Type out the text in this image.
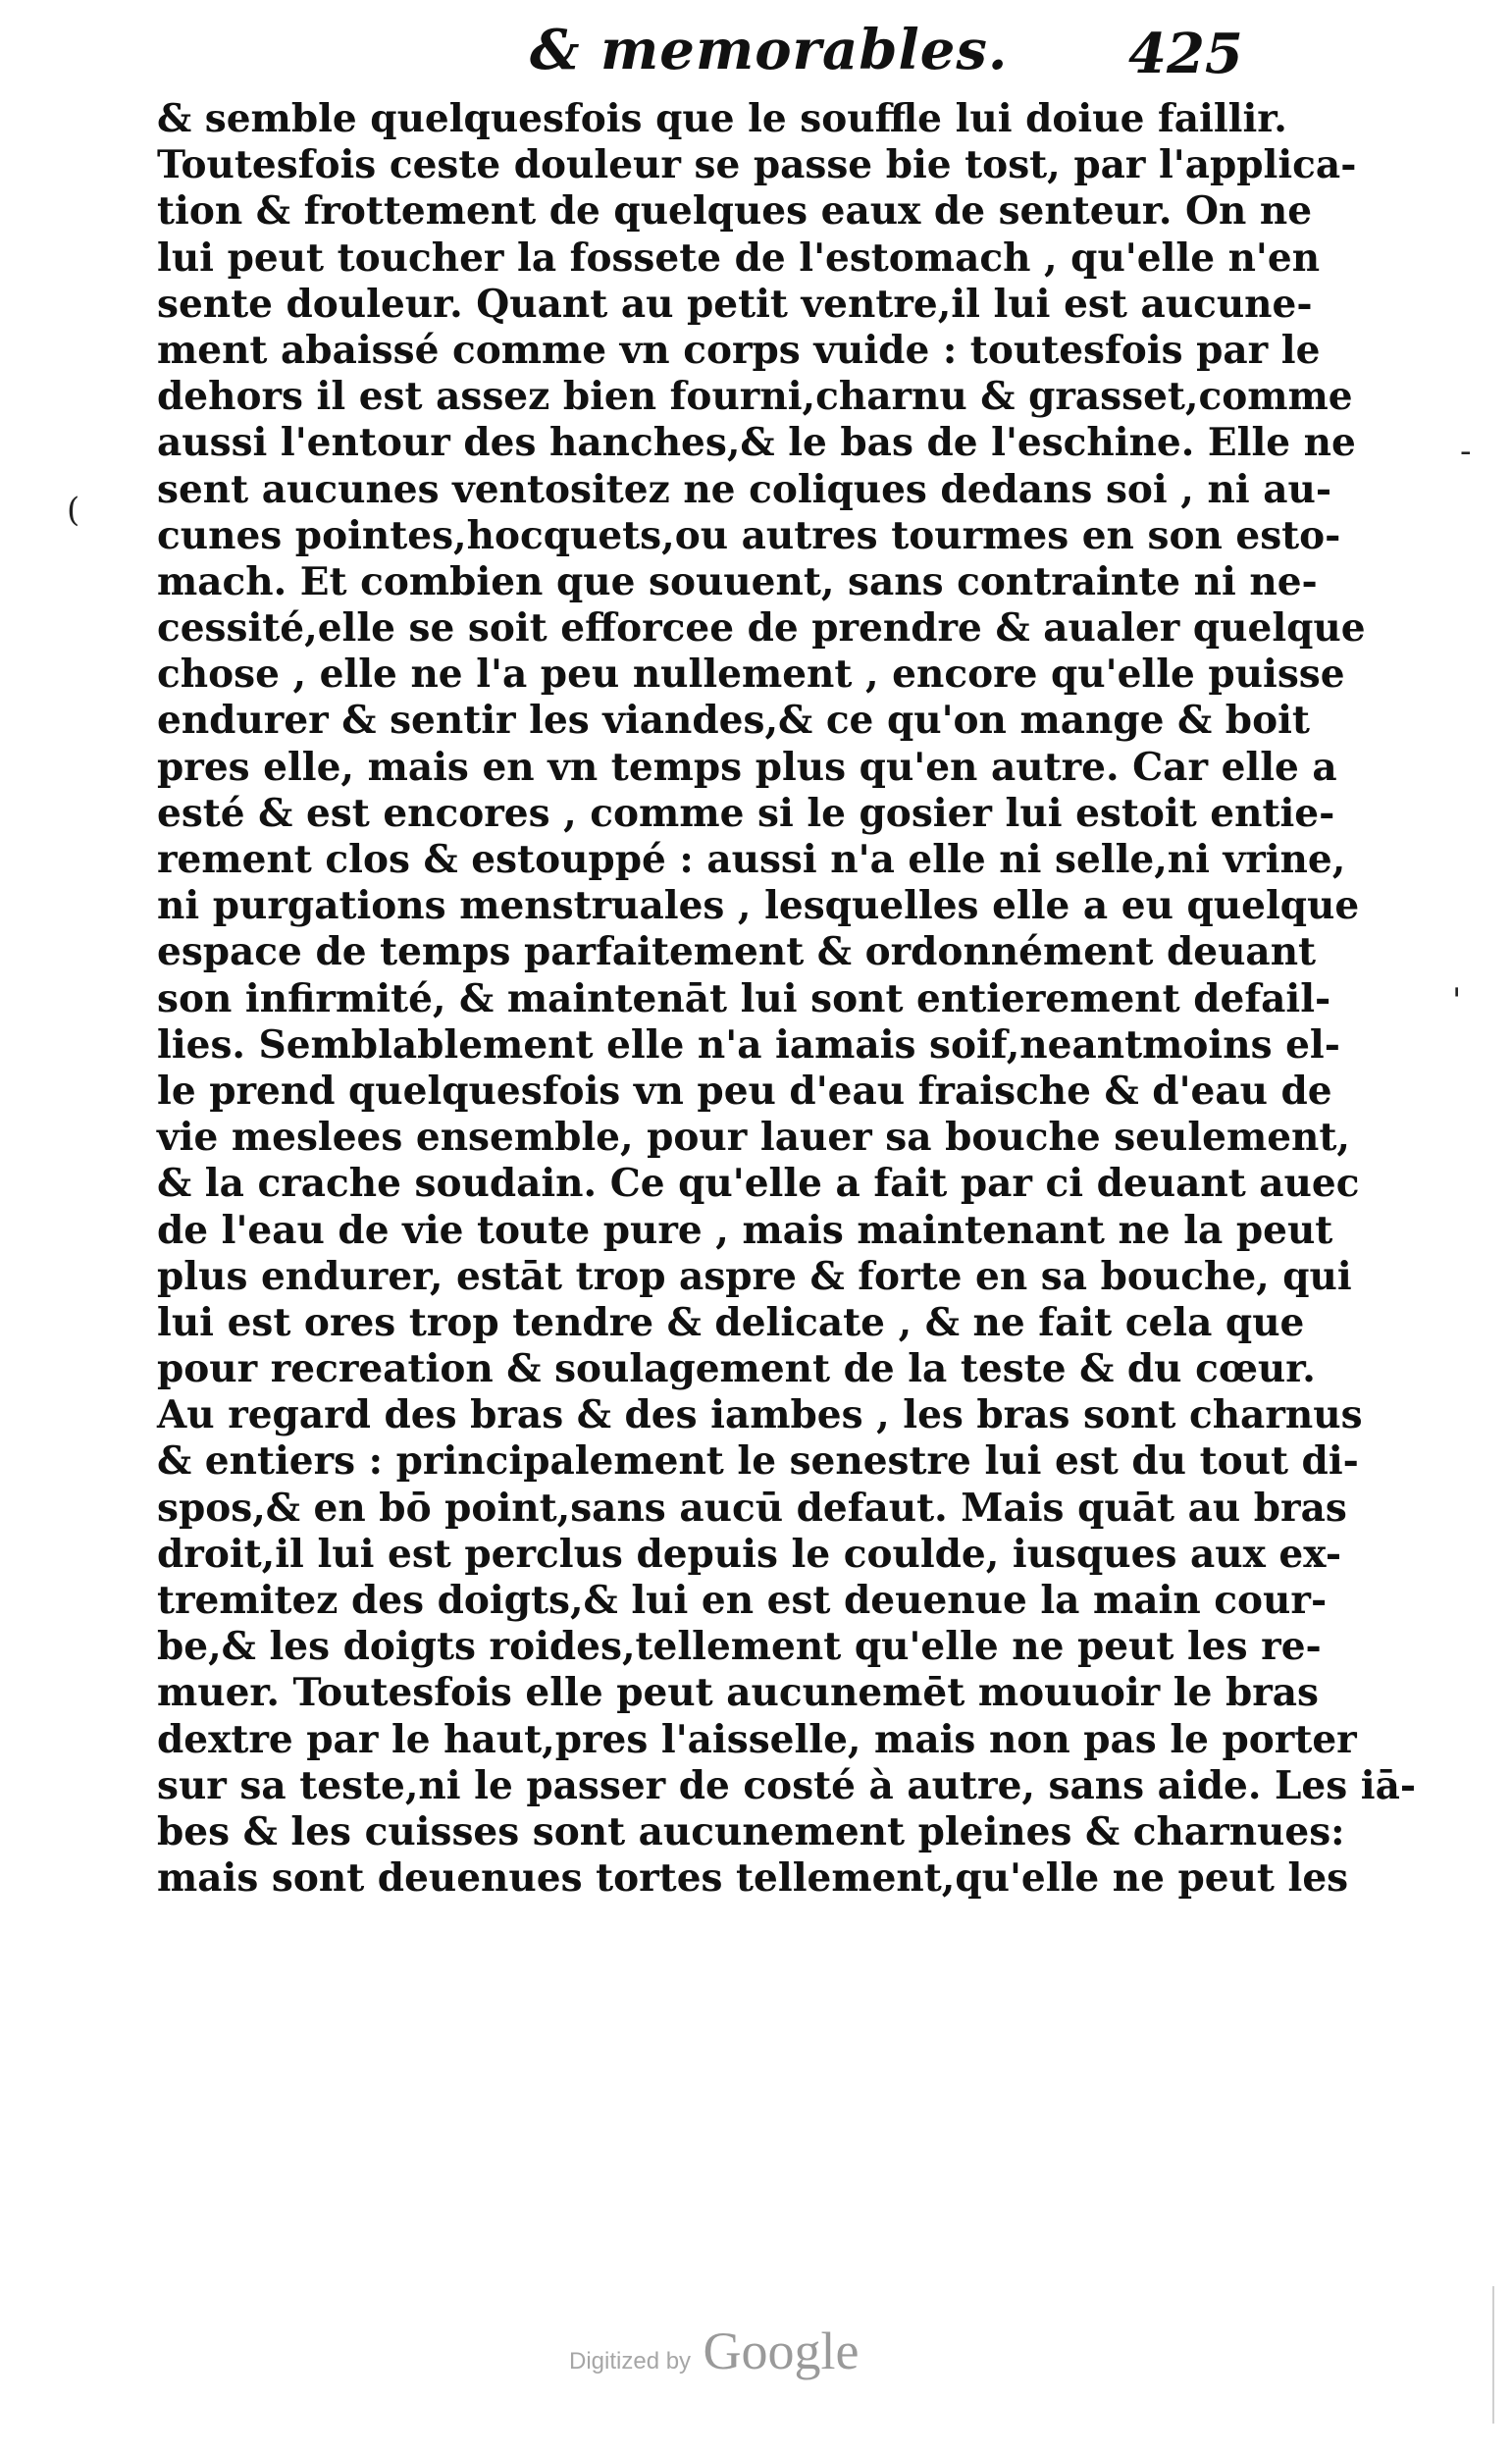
& memorables. 425
& semble quelquesfois que le souffle lui doiue faillir.
Toutesfois ceste douleur se passe bie tost, par l'applica-
tion & frottement de quelques eaux de senteur. On ne
lui peut toucher la fossete de l'estomach , qu'elle n'en
sente douleur. Quant au petit ventre,il lui est aucune-
ment abaissé comme vn corps vuide : toutesfois par le
dehors il est assez bien fourni,charnu & grasset,comme
aussi l'entour des hanches,& le bas de l'eschine. Elle ne
sent aucunes ventositez ne coliques dedans soi , ni au-
cunes pointes,hocquets,ou autres tourmes en son esto-
mach. Et combien que souuent, sans contrainte ni ne-
cessité,elle se soit efforcee de prendre & aualer quelque
chose , elle ne l'a peu nullement , encore qu'elle puisse
endurer & sentir les viandes,& ce qu'on mange & boit
pres elle, mais en vn temps plus qu'en autre. Car elle a
esté & est encores , comme si le gosier lui estoit entie-
rement clos & estouppé : aussi n'a elle ni selle,ni vrine,
ni purgations menstruales , lesquelles elle a eu quelque
espace de temps parfaitement & ordonnément deuant
son infirmité, & maintenāt lui sont entierement defail-
lies. Semblablement elle n'a iamais soif,neantmoins el-
le prend quelquesfois vn peu d'eau fraische & d'eau de
vie meslees ensemble, pour lauer sa bouche seulement,
& la crache soudain. Ce qu'elle a fait par ci deuant auec
de l'eau de vie toute pure , mais maintenant ne la peut
plus endurer, estāt trop aspre & forte en sa bouche, qui
lui est ores trop tendre & delicate , & ne fait cela que
pour recreation & soulagement de la teste & du cœur.
Au regard des bras & des iambes , les bras sont charnus
& entiers : principalement le senestre lui est du tout di-
spos,& en bō point,sans aucū defaut. Mais quāt au bras
droit,il lui est perclus depuis le coulde, iusques aux ex-
tremitez des doigts,& lui en est deuenue la main cour-
be,& les doigts roides,tellement qu'elle ne peut les re-
muer. Toutesfois elle peut aucunemēt mouuoir le bras
dextre par le haut,pres l'aisselle, mais non pas le porter
sur sa teste,ni le passer de costé à autre, sans aide. Les iā-
bes & les cuisses sont aucunement pleines & charnues:
mais sont deuenues tortes tellement,qu'elle ne peut les
(
'
-
Digitized by Google
